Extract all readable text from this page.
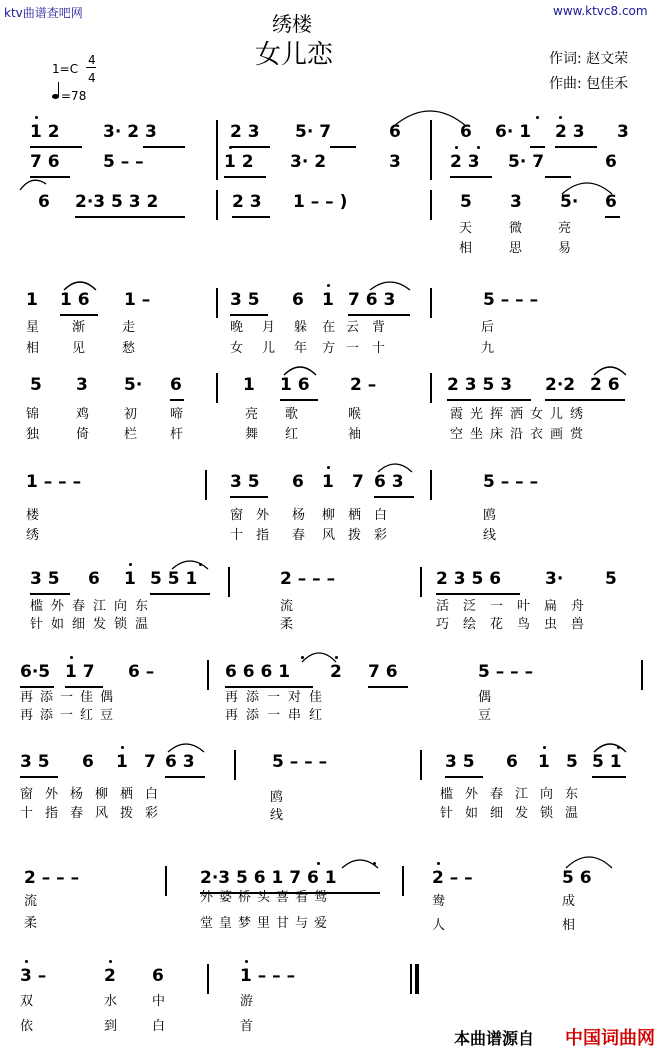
ktv曲谱查吧网	www.ktvc8.com
绣楼
女儿恋	作词: 赵文荣
作曲: 包佳禾
1=C
4
4
=78
1 2	3· 2 3	2 3 5· 7	6	6 6· 1 2 3 3
7 6	5 – –	1 2 3· 2	3	2 3 5· 7	6
6 2·3 5 3 2	2 3 1 – – )	5 3 5· 6
天	微	亮
相	思	易
1 1 6 1 –	3 5 6 1 7 6 3	5 – – –
星	渐	走	晚 月 躲 在 云 背	后
相	见	愁	女 儿 年 方 一 十	九
5 3 5· 6	1 1 6 2 –	2 3 5 3 2·2 2 6
锦	鸡	初	啼	亮 歌	喉	霞光挥洒女儿绣
独	倚	栏	杆	舞 红	袖	空坐床沿衣画赏
1 – – –	3 5 6 1 7 6 3	5 – – –
楼	窗 外 杨 柳 栖 白	鸥
绣	十 指 春 风 拨 彩	线
3 5 6 1 5 5 1	2 – – –	2 3 5 6	3· 5
槛外春江向东	流	活泛一叶扁舟
针如细发锁温	柔	巧绘花鸟虫兽
6·5 1 7 6 –	6 6 6 1 2 7 6	5 – – –
再添一佳偶	再添一对佳	偶
再添一红豆	再添一串红	豆
3 5 6 1 7 6 3	5 – – –	3 5 6 1 5 5 1
窗外杨柳栖白	鸥	槛外春江向东
十指春风拨彩	线	针如细发锁温
2 – – –	2·3 5 6 1 7 6 1	2 – –	5 6
流	外婆桥头喜看鸳	鸯	成
柔	堂皇梦里甘与爱	人	相
3 –	2 6	1 – – –
双	水	中	游
依	到	白	首
本曲谱源自 中国词曲网
